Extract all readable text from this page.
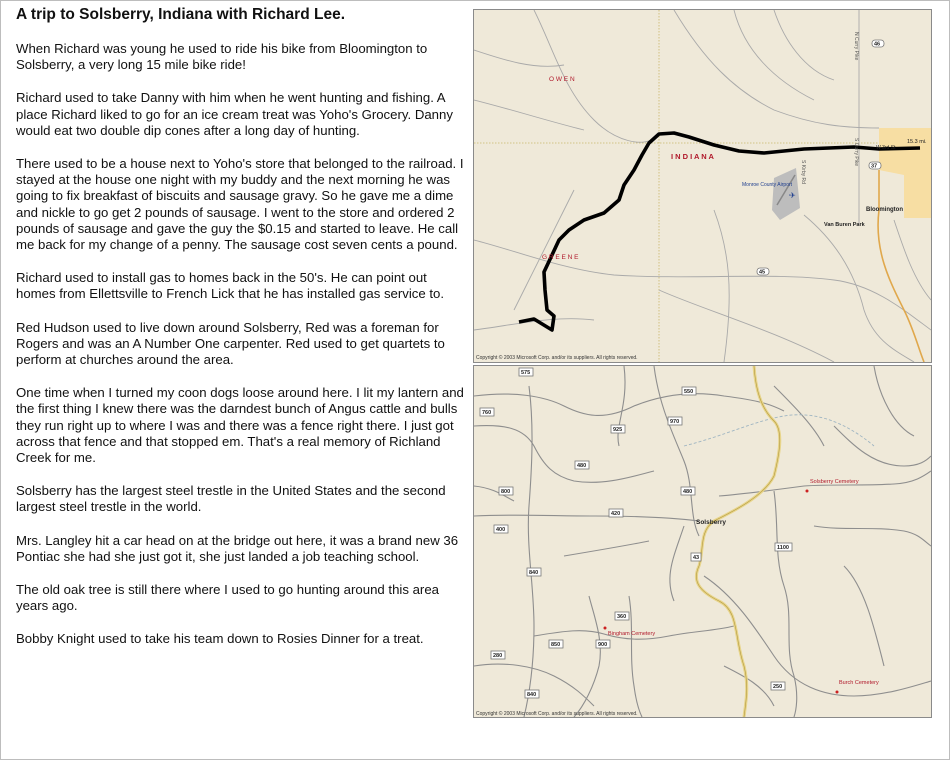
A trip to Solsberry, Indiana with Richard Lee.

When Richard was young he used to ride his bike from Bloomington to Solsberry, a very long 15 mile bike ride!

Richard used to take Danny with him when he went hunting and fishing. A place Richard liked to go for an ice cream treat was Yoho's Grocery. Danny would eat two double dip cones after a long day of hunting.

There used to be a house next to Yoho's store that belonged to the railroad. I stayed at the house one night with my buddy and the next morning he was going to fix breakfast of biscuits and sausage gravy. So he gave me a dime and nickle to go get 2 pounds of sausage. I went to the store and ordered 2 pounds of sausage and gave the guy the $0.15 and started to leave. He call me back for my change of a penny. The sausage cost seven cents a pound.

Richard used to install gas to homes back in the 50's. He can point out homes from Ellettsville to French Lick that he has installed gas service to.

Red Hudson used to live down around Solsberry, Red was a foreman for Rogers and was an A Number One carpenter. Red used to get quartets to perform at churches around the area.

One time when I turned my coon dogs loose around here. I lit my lantern and the first thing I knew there was the darndest bunch of Angus cattle and bulls they run right up to where I was and there was a fence right there. I just got across that fence and that stopped em. That's a real memory of Richland Creek for me.

Solsberry has the largest steel trestle in the United States and the second largest steel trestle in the world.

Mrs. Langley hit a car head on at the bridge out here, it was a brand new 36 Pontiac she had she just got it, she just landed a job teaching school.

The old oak tree is still there where I used to go hunting around this area years ago.

Bobby Knight used to take his team down to Rosies Dinner for a treat.

O W E N
I N D I A N A
G R E E N E
Monroe County Airport
✈
Bloomington
Van Buren Park
15.3 mi.
W 3rd St
N Curry Pike
S Curry Pike
S Kirby Rd
46
37
45
Copyright © 2003 Microsoft Corp. and/or its suppliers. All rights reserved.
Solsberry
Solsberry Cemetery
Bingham Cemetery
Burch Cemetery
575
550
760
970
925
480
800	480
420
400
43
1100
840
360
850	900
280
250
840
Copyright © 2003 Microsoft Corp. and/or its suppliers. All rights reserved.
